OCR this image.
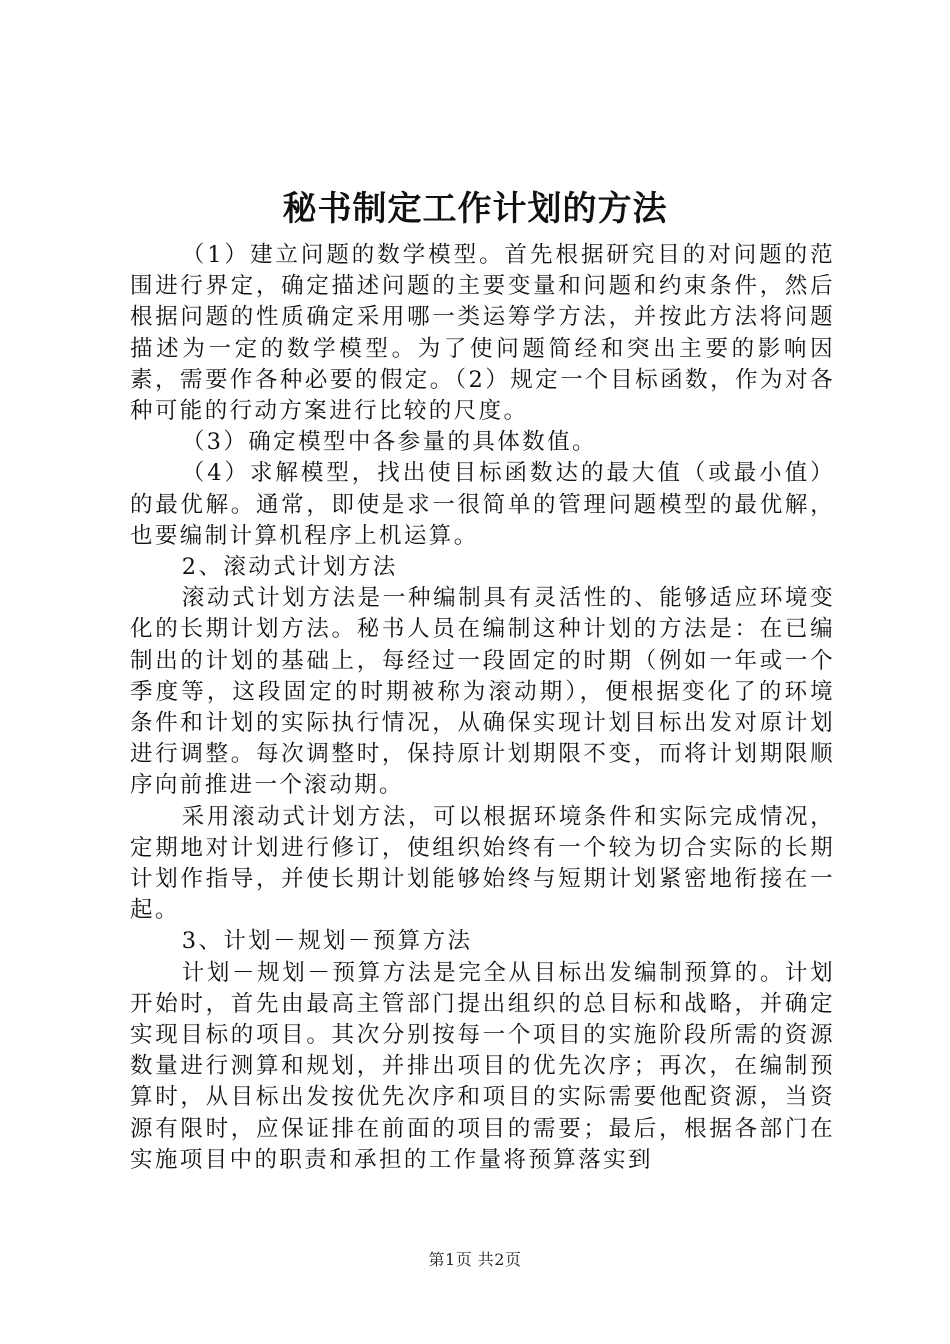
秘书制定工作计划的方法

（1）建立问题的数学模型。首先根据研究目的对问题的范围进行界定，确定描述问题的主要变量和问题和约束条件，然后根据问题的性质确定采用哪一类运筹学方法，并按此方法将问题描述为一定的数学模型。为了使问题简经和突出主要的影响因素，需要作各种必要的假定。（2）规定一个目标函数，作为对各种可能的行动方案进行比较的尺度。

（3）确定模型中各参量的具体数值。

（4）求解模型，找出使目标函数达的最大值（或最小值）的最优解。通常，即使是求一很简单的管理问题模型的最优解，也要编制计算机程序上机运算。

2、滚动式计划方法

滚动式计划方法是一种编制具有灵活性的、能够适应环境变化的长期计划方法。秘书人员在编制这种计划的方法是：在已编制出的计划的基础上，每经过一段固定的时期（例如一年或一个季度等，这段固定的时期被称为滚动期），便根据变化了的环境条件和计划的实际执行情况，从确保实现计划目标出发对原计划进行调整。每次调整时，保持原计划期限不变，而将计划期限顺序向前推进一个滚动期。

采用滚动式计划方法，可以根据环境条件和实际完成情况，定期地对计划进行修订，使组织始终有一个较为切合实际的长期计划作指导，并使长期计划能够始终与短期计划紧密地衔接在一起。

3、计划－规划－预算方法

计划－规划－预算方法是完全从目标出发编制预算的。计划开始时，首先由最高主管部门提出组织的总目标和战略，并确定实现目标的项目。其次分别按每一个项目的实施阶段所需的资源数量进行测算和规划，并排出项目的优先次序；再次，在编制预算时，从目标出发按优先次序和项目的实际需要他配资源，当资源有限时，应保证排在前面的项目的需要；最后，根据各部门在实施项目中的职责和承担的工作量将预算落实到

第1页 共2页
